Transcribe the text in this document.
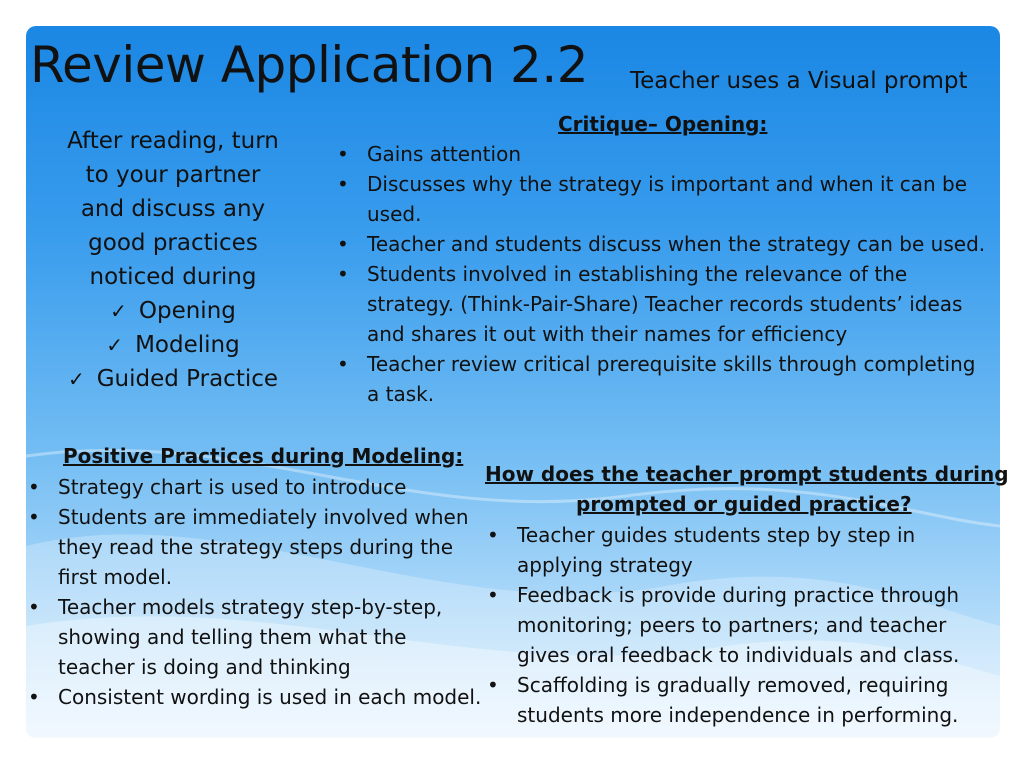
Review Application 2.2 Teacher uses a Visual prompt
After reading, turn
to your partner
and discuss any
good practices
noticed during
✓ Opening
✓ Modeling
✓ Guided Practice
Critique– Opening:
• Gains attention
• Discusses why the strategy is important and when it can be used.
• Teacher and students discuss when the strategy can be used.
• Students involved in establishing the relevance of the strategy. (Think-Pair-Share) Teacher records students’ ideas and shares it out with their names for efficiency
• Teacher review critical prerequisite skills through completing a task.
Positive Practices during Modeling:
• Strategy chart is used to introduce
• Students are immediately involved when they read the strategy steps during the first model.
• Teacher models strategy step-by-step, showing and telling them what the teacher is doing and thinking
• Consistent wording is used in each model.
How does the teacher prompt students during
prompted or guided practice?
• Teacher guides students step by step in applying strategy
• Feedback is provide during practice through monitoring; peers to partners; and teacher gives oral feedback to individuals and class.
• Scaffolding is gradually removed, requiring students more independence in performing.
